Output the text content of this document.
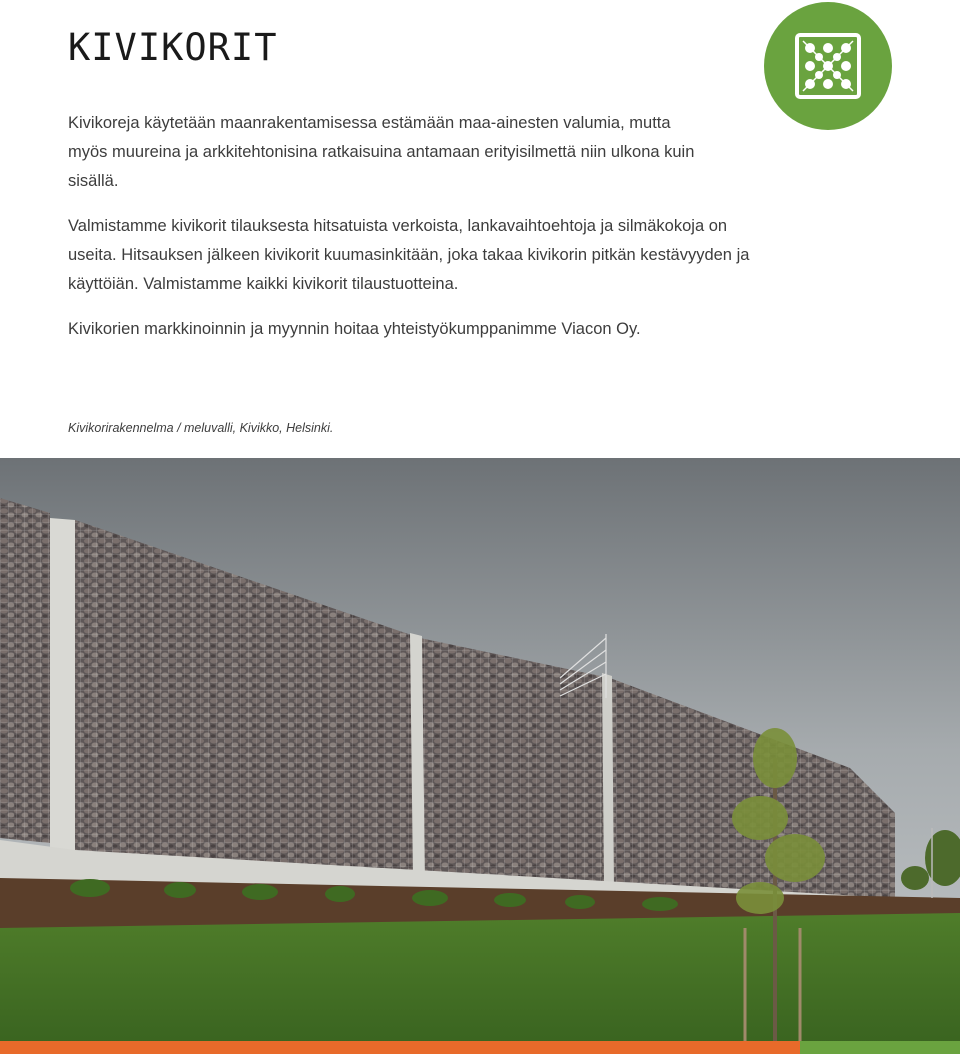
KIVIKORIT

Kivikoreja käytetään maanrakentamisessa estämään maa-ainesten valumia, mutta myös muureina ja arkkitehtonisina ratkaisuina antamaan erityisilmettä niin ulkona kuin sisällä.

Valmistamme kivikorit tilauksesta hitsatuista verkoista, lankavaihtoehtoja ja silmäkokoja on useita. Hitsauksen jälkeen kivikorit kuumasinkitään, joka takaa kivikorin pitkän kestävyyden ja käyttöiän. Valmistamme kaikki kivikorit tilaustuotteina.

Kivikorien markkinoinnin ja myynnin hoitaa yhteistyökumppanimme Viacon Oy.

Kivikorirakennelma / meluvalli, Kivikko, Helsinki.
